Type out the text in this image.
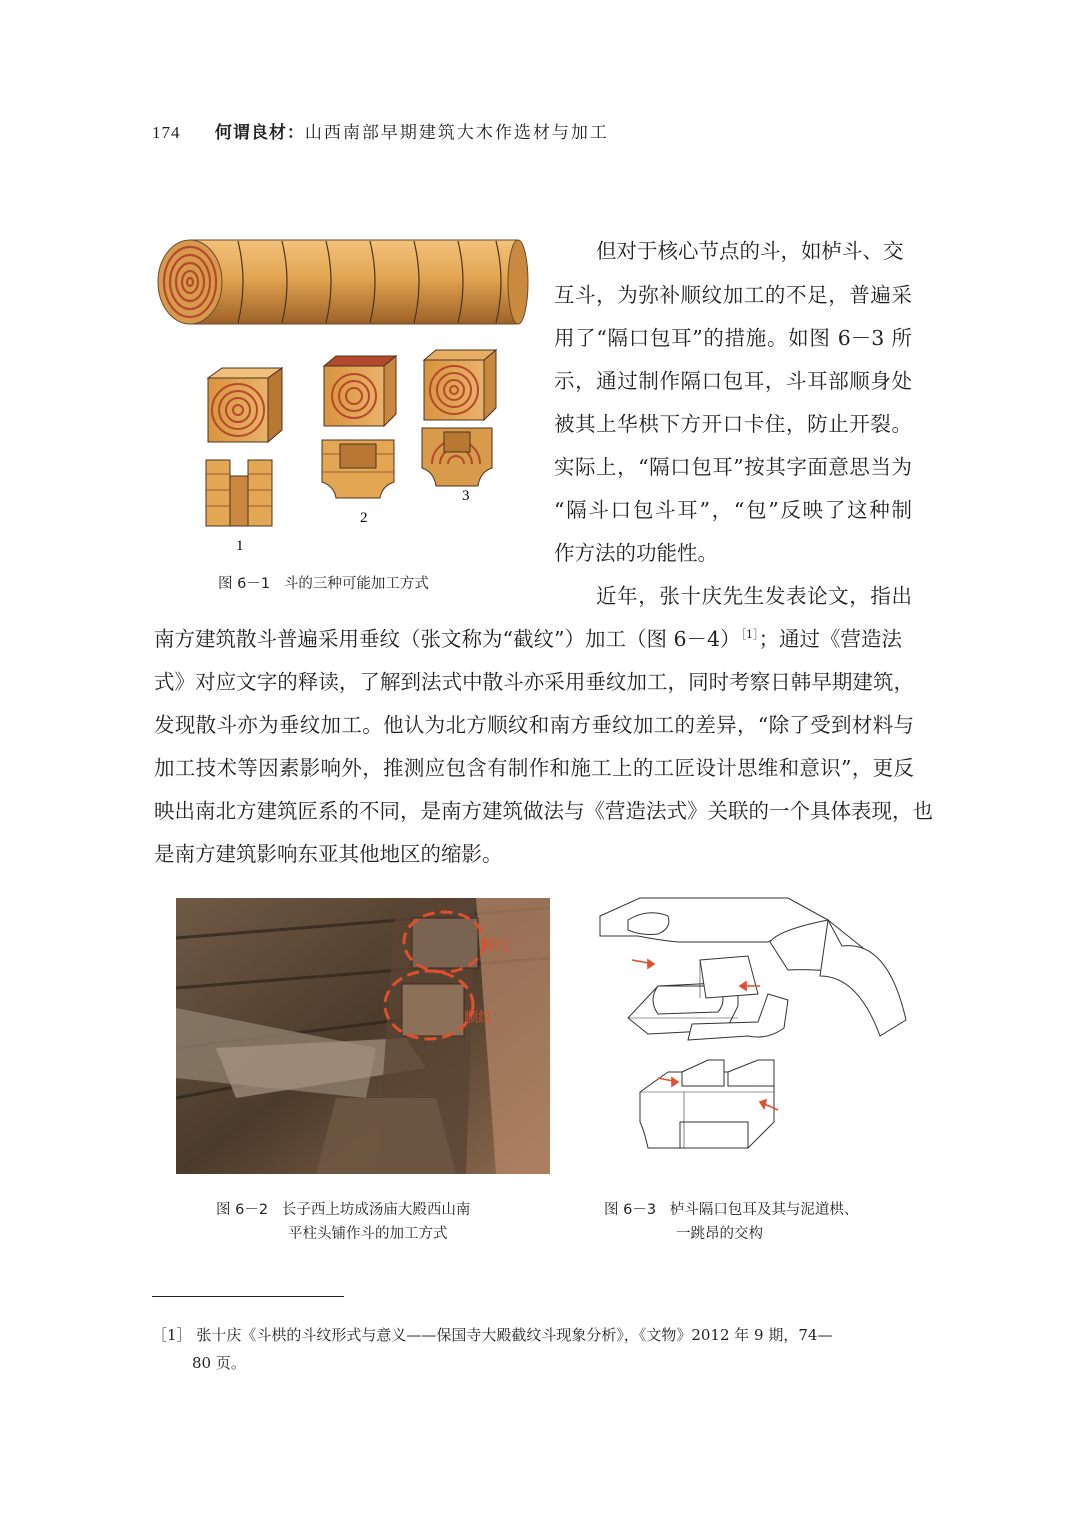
174 何谓良材：山西南部早期建筑大木作选材与加工
1
2
3
图 6－1 斗的三种可能加工方式
但对于核心节点的斗，如栌斗、交
互斗，为弥补顺纹加工的不足，普遍采
用了“隔口包耳”的措施。如图 6－3 所
示，通过制作隔口包耳，斗耳部顺身处
被其上华栱下方开口卡住，防止开裂。
实际上，“隔口包耳”按其字面意思当为
“隔斗口包斗耳”，“包”反映了这种制
作方法的功能性。
近年，张十庆先生发表论文，指出
南方建筑散斗普遍采用垂纹（张文称为“截纹”）加工（图 6－4）$^{[1]}$；通过《营造法
式》对应文字的释读，了解到法式中散斗亦采用垂纹加工，同时考察日韩早期建筑，
发现散斗亦为垂纹加工。他认为北方顺纹和南方垂纹加工的差异，“除了受到材料与
加工技术等因素影响外，推测应包含有制作和施工上的工匠设计思维和意识”，更反
映出南北方建筑匠系的不同，是南方建筑做法与《营造法式》关联的一个具体表现，也
是南方建筑影响东亚其他地区的缩影。
垂纹
顺纹
图 6－2 长子西上坊成汤庙大殿西山南
平柱头铺作斗的加工方式
图 6－3 栌斗隔口包耳及其与泥道栱、
一跳昂的交构
［1］ 张十庆《斗栱的斗纹形式与意义——保国寺大殿截纹斗现象分析》，《文物》2012 年 9 期，74—
80 页。
